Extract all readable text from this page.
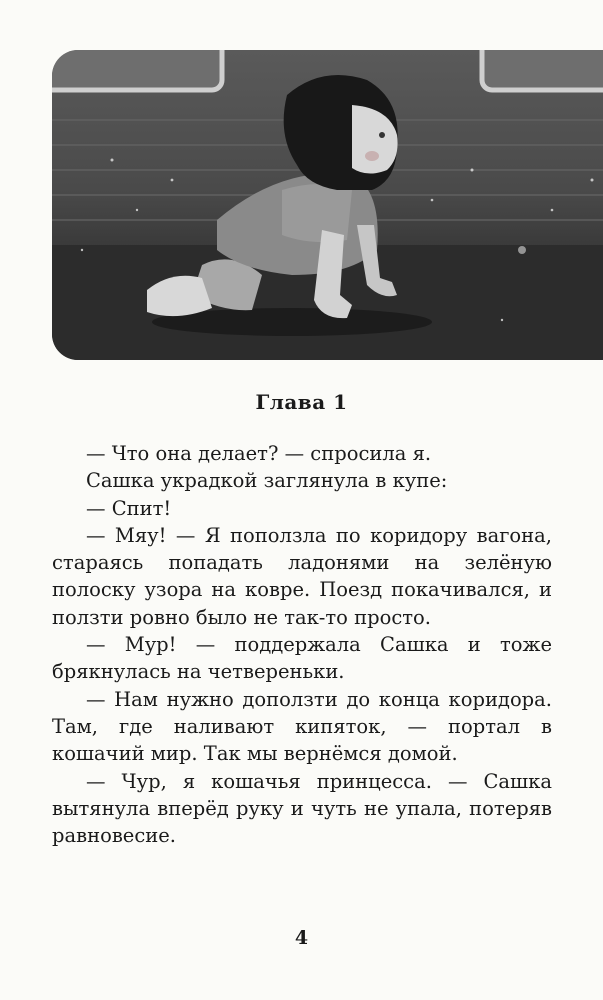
Глава 1

— Что она делает? — спросила я.

Сашка украдкой заглянула в купе:

— Спит!

— Мяу! — Я поползла по коридору вагона, стараясь попадать ладонями на зелёную полоску узора на ковре. Поезд покачивался, и ползти ровно было не так-то просто.

— Мур! — поддержала Сашка и тоже брякнулась на четвереньки.

— Нам нужно доползти до конца коридора. Там, где наливают кипяток, — портал в кошачий мир. Так мы вернёмся домой.

— Чур, я кошачья принцесса. — Сашка вытянула вперёд руку и чуть не упала, потеряв равновесие.

4
